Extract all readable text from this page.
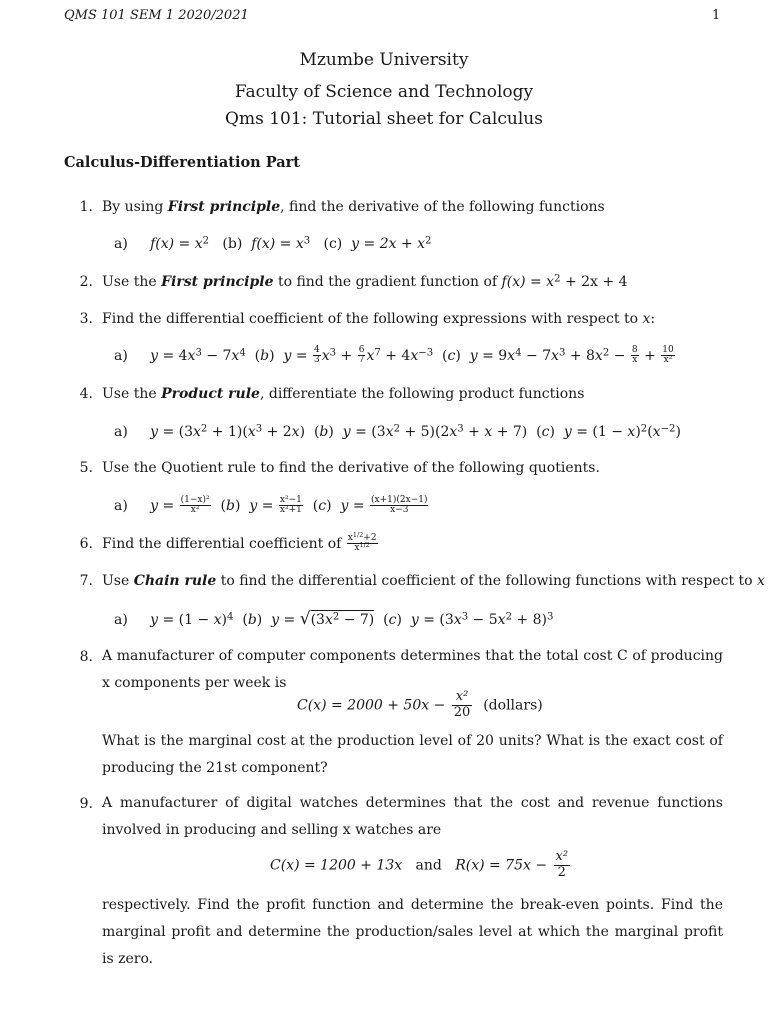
QMS 101 SEM 1 2020/2021	1
Mzumbe University
Faculty of Science and Technology
Qms 101: Tutorial sheet for Calculus
Calculus-Differentiation Part
1. By using First principle, find the derivative of the following functions
a) $f(x) = x^2$ (b) $f(x) = x^3$ (c) $y = 2x + x^2$
2. Use the First principle to find the gradient function of $f(x) = x^2 + 2x + 4$
3. Find the differential coefficient of the following expressions with respect to x:
a) $y = 4x^3 - 7x^4$  (b)  $y = \frac{4}{3} x^3 + \frac{6}{7} x^7 + 4x^{-3}$  (c)  $y = 9x^4 - 7x^3 + 8x^2 - \frac{8}{x} + \frac{10}{\text{x²}}$
4. Use the Product rule, differentiate the following product functions
a) $y = (3x^2 + 1)(x^3 + 2x)$  (b)  $y = (3x^2 + 5)(2x^3 + x + 7)$  (c)  $y = (1 - x)^2(x^{-2})$
5. Use the Quotient rule to find the derivative of the following quotients.
a) $y = \frac{\text{(1−x)²}}{\text{x²}} (b) y = \frac{\text{x²−1}}{\text{x²+1}} (c) y = \frac{(x+1)(2x-1)}{x-3}$
6. Find the differential coefficient of $\frac{x^{1/2}+2}{x^{1/2}}$
7. Use Chain rule to find the differential coefficient of the following functions with respect to x
a) $y = (1 - x)^4$  (b)  $y = √(3x^2 - 7)$  (c)  $y = (3x^3 - 5x^2 + 8)^3$
8. A manufacturer of computer components determines that the total cost C of producing x components per week is
$C(x) = 2000 + 50x - \frac{\text{x²}}{20}$ (dollars)
What is the marginal cost at the production level of 20 units? What is the exact cost of producing the 21st component?
9. A manufacturer of digital watches determines that the cost and revenue functions involved in producing and selling x watches are
C(x) = 1200 + 13x and $R(x) = 75x - \frac{\text{x²}}{2}$
respectively. Find the profit function and determine the break-even points. Find the marginal profit and determine the production/sales level at which the marginal profit is zero.
